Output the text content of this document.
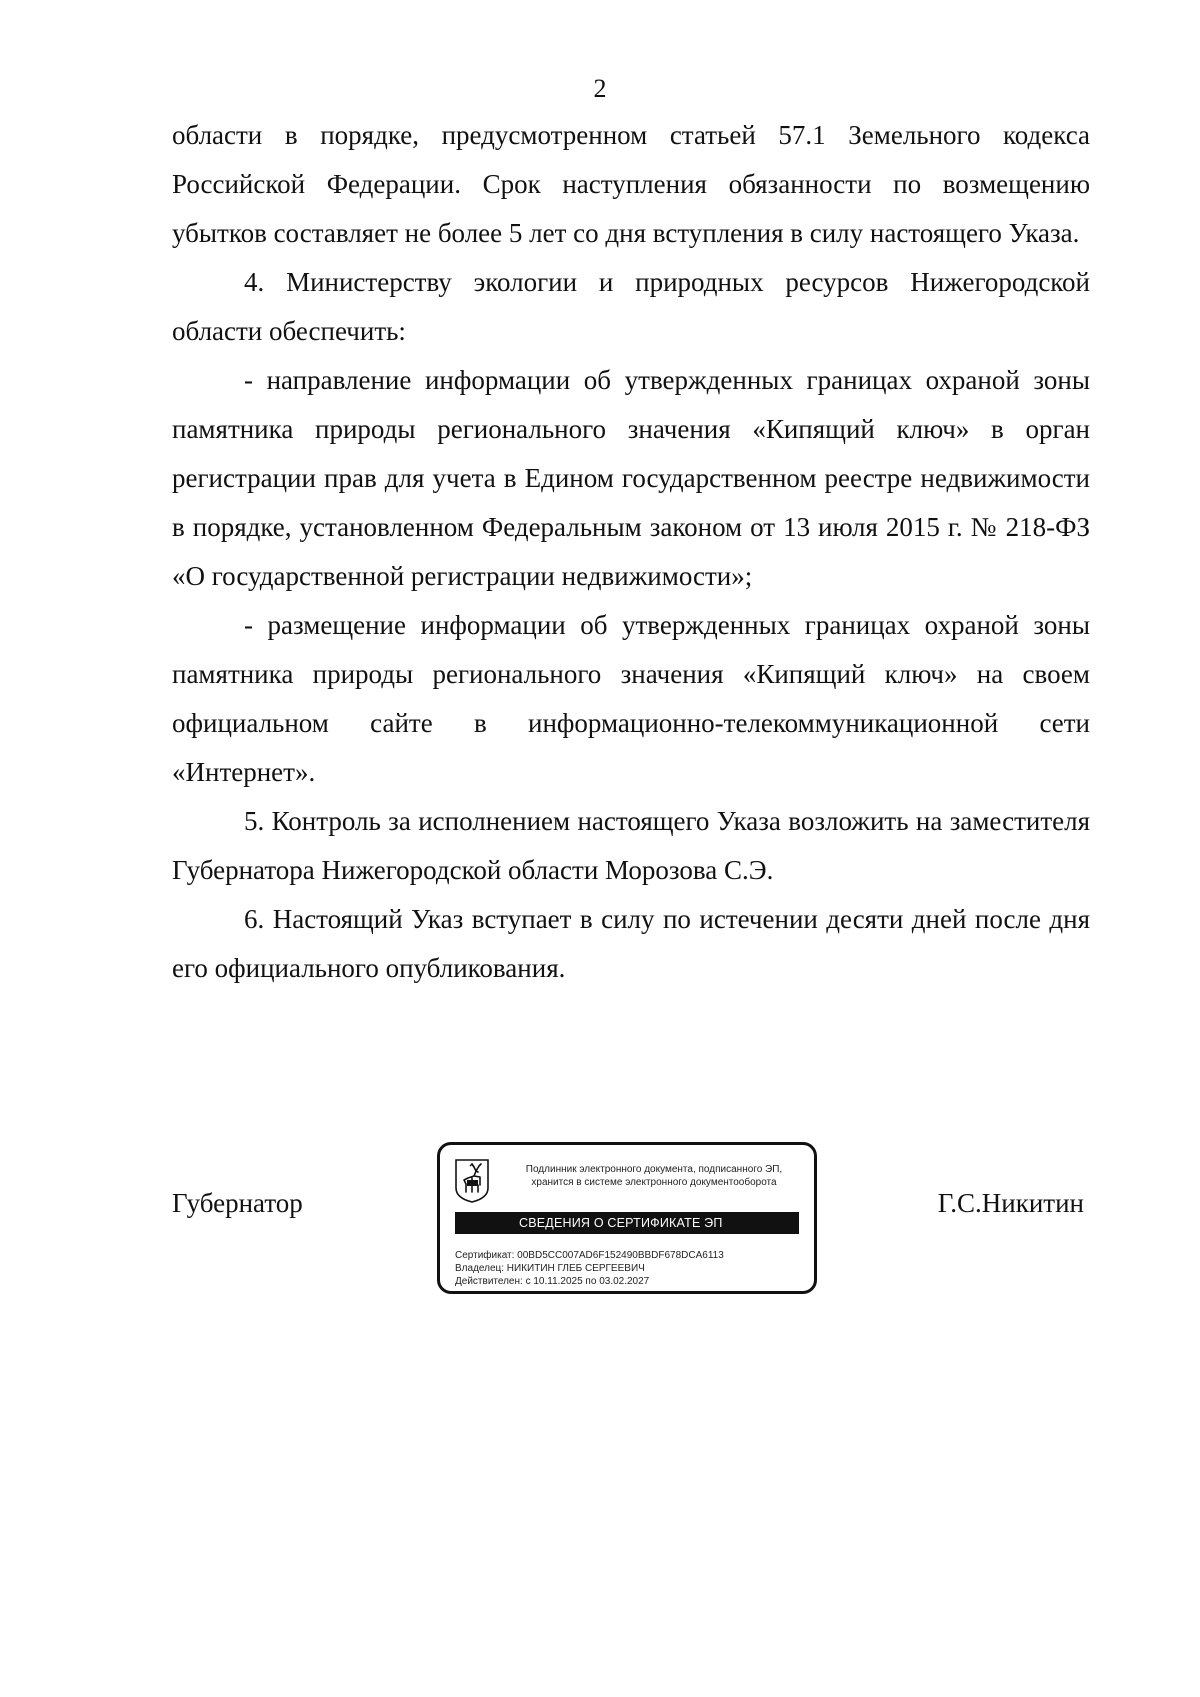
2

области в порядке, предусмотренном статьей 57.1 Земельного кодекса Российской Федерации. Срок наступления обязанности по возмещению убытков составляет не более 5 лет со дня вступления в силу настоящего Указа.

4. Министерству экологии и природных ресурсов Нижегородской области обеспечить:

- направление информации об утвержденных границах охраной зоны памятника природы регионального значения «Кипящий ключ» в орган регистрации прав для учета в Едином государственном реестре недвижимости в порядке, установленном Федеральным законом от 13 июля 2015 г. № 218-ФЗ «О государственной регистрации недвижимости»;

- размещение информации об утвержденных границах охраной зоны памятника природы регионального значения «Кипящий ключ» на своем официальном сайте в информационно-телекоммуникационной сети «Интернет».

5. Контроль за исполнением настоящего Указа возложить на заместителя Губернатора Нижегородской области Морозова С.Э.

6. Настоящий Указ вступает в силу по истечении десяти дней после дня его официального опубликования.

Губернатор
Подлинник электронного документа, подписанного ЭП,
хранится в системе электронного документооборота
СВЕДЕНИЯ О СЕРТИФИКАТЕ ЭП
Сертификат: 00BD5CC007AD6F152490BBDF678DCA6113
Владелец: НИКИТИН ГЛЕБ СЕРГЕЕВИЧ
Действителен: с 10.11.2025 по 03.02.2027
Г.С.Никитин
